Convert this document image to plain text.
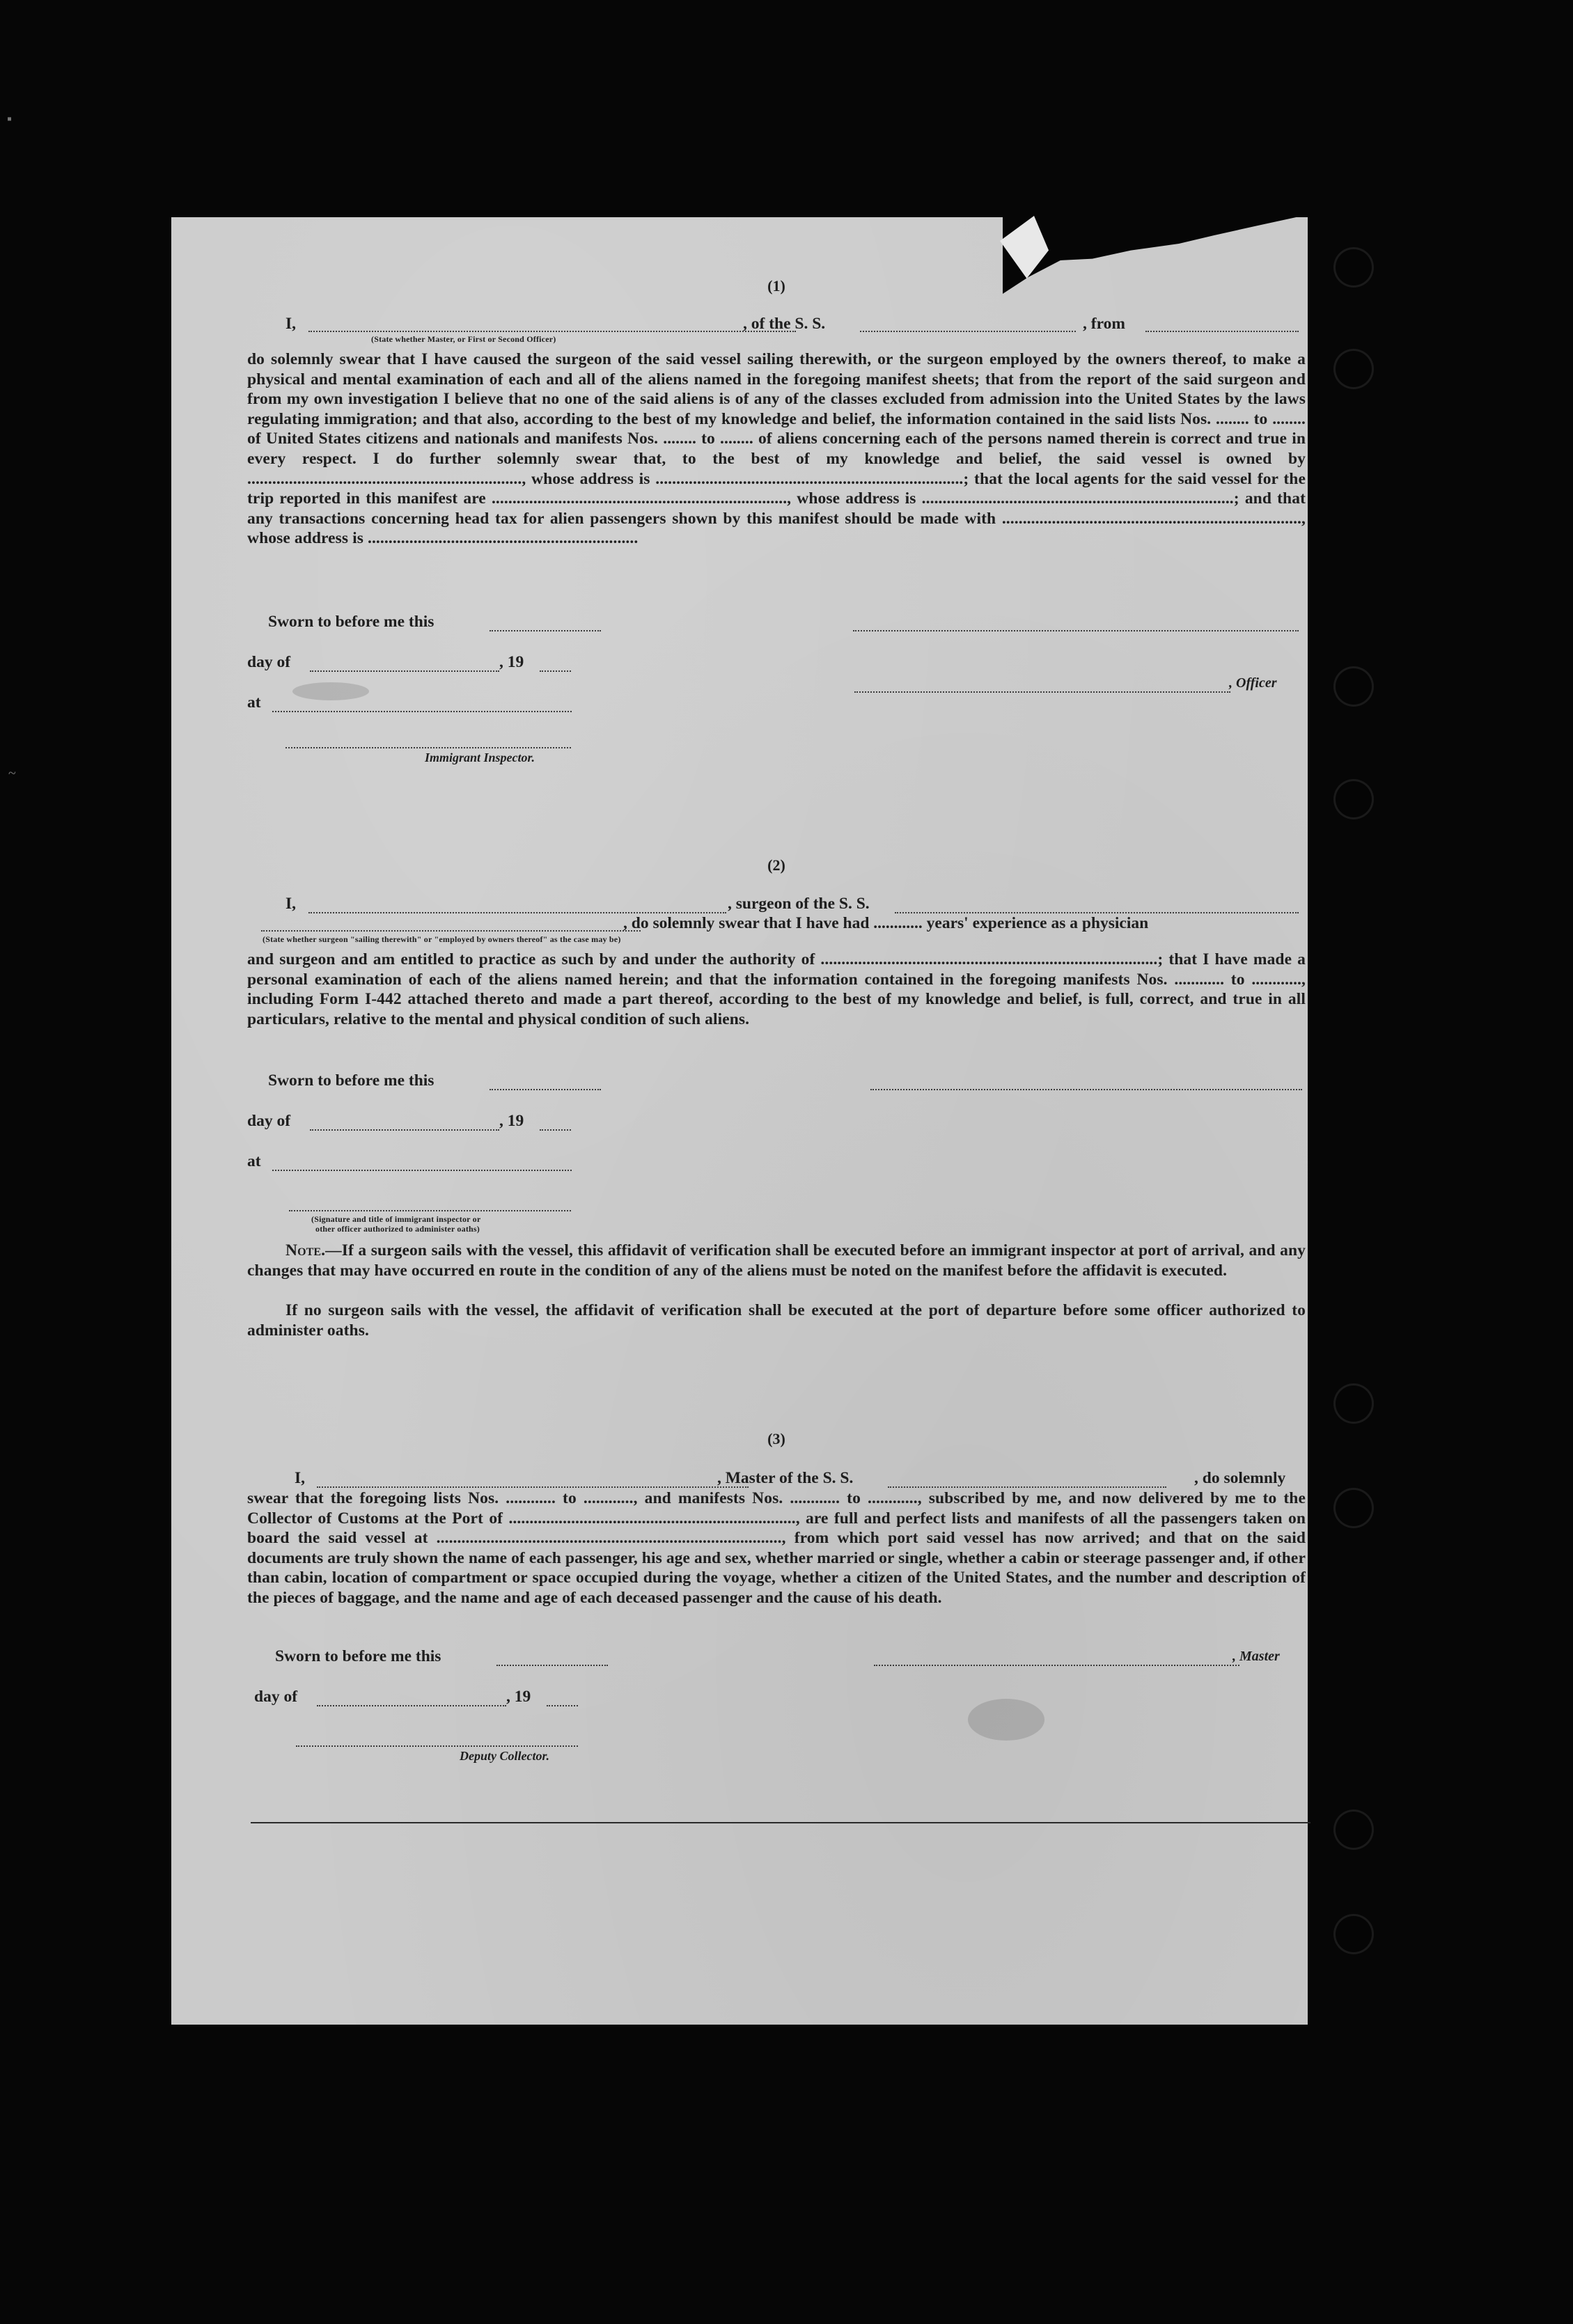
▪
~
(1)
I,	, of the S. S.	, from
(State whether Master, or First or Second Officer)
do solemnly swear that I have caused the surgeon of the said vessel sailing therewith, or the surgeon employed by the owners thereof, to make a physical and mental examination of each and all of the aliens named in the foregoing manifest sheets; that from the report of the said surgeon and from my own investigation I believe that no one of the said aliens is of any of the classes excluded from admission into the United States by the laws regulating immigration; and that also, according to the best of my knowledge and belief, the information contained in the said lists Nos. ........ to ........ of United States citizens and nationals and manifests Nos. ........ to ........ of aliens concerning each of the persons named therein is correct and true in every respect. I do further solemnly swear that, to the best of my knowledge and belief, the said vessel is owned by .................................................................., whose address is ..........................................................................; that the local agents for the said vessel for the trip reported in this manifest are ......................................................................., whose address is ...........................................................................; and that any transactions concerning head tax for alien passengers shown by this manifest should be made with ........................................................................, whose address is .................................................................
Sworn to before me this
day of	, 19
, Officer
at
Immigrant Inspector.
(2)
I,	, surgeon of the S. S.
, do solemnly swear that I have had ............ years' experience as a physician
(State whether surgeon "sailing therewith" or "employed by owners thereof" as the case may be)
and surgeon and am entitled to practice as such by and under the authority of .................................................................................; that I have made a personal examination of each of the aliens named herein; and that the information contained in the foregoing manifests Nos. ............ to ............, including Form I-442 attached thereto and made a part thereof, according to the best of my knowledge and belief, is full, correct, and true in all particulars, relative to the mental and physical condition of such aliens.
Sworn to before me this
day of	, 19
at
(Signature and title of immigrant inspector or
other officer authorized to administer oaths)
Note.—If a surgeon sails with the vessel, this affidavit of verification shall be executed before an immigrant inspector at port of arrival, and any changes that may have occurred en route in the condition of any of the aliens must be noted on the manifest before the affidavit is executed.
If no surgeon sails with the vessel, the affidavit of verification shall be executed at the port of departure before some officer authorized to administer oaths.
(3)
I,	, Master of the S. S.	, do solemnly
swear that the foregoing lists Nos. ............ to ............, and manifests Nos. ............ to ............, subscribed by me, and now delivered by me to the Collector of Customs at the Port of ....................................................................., are full and perfect lists and manifests of all the passengers taken on board the said vessel at ..................................................................................., from which port said vessel has now arrived; and that on the said documents are truly shown the name of each passenger, his age and sex, whether married or single, whether a cabin or steerage passenger and, if other than cabin, location of compartment or space occupied during the voyage, whether a citizen of the United States, and the number and description of the pieces of baggage, and the name and age of each deceased passenger and the cause of his death.
Sworn to before me this	, Master
day of	, 19
Deputy Collector.
